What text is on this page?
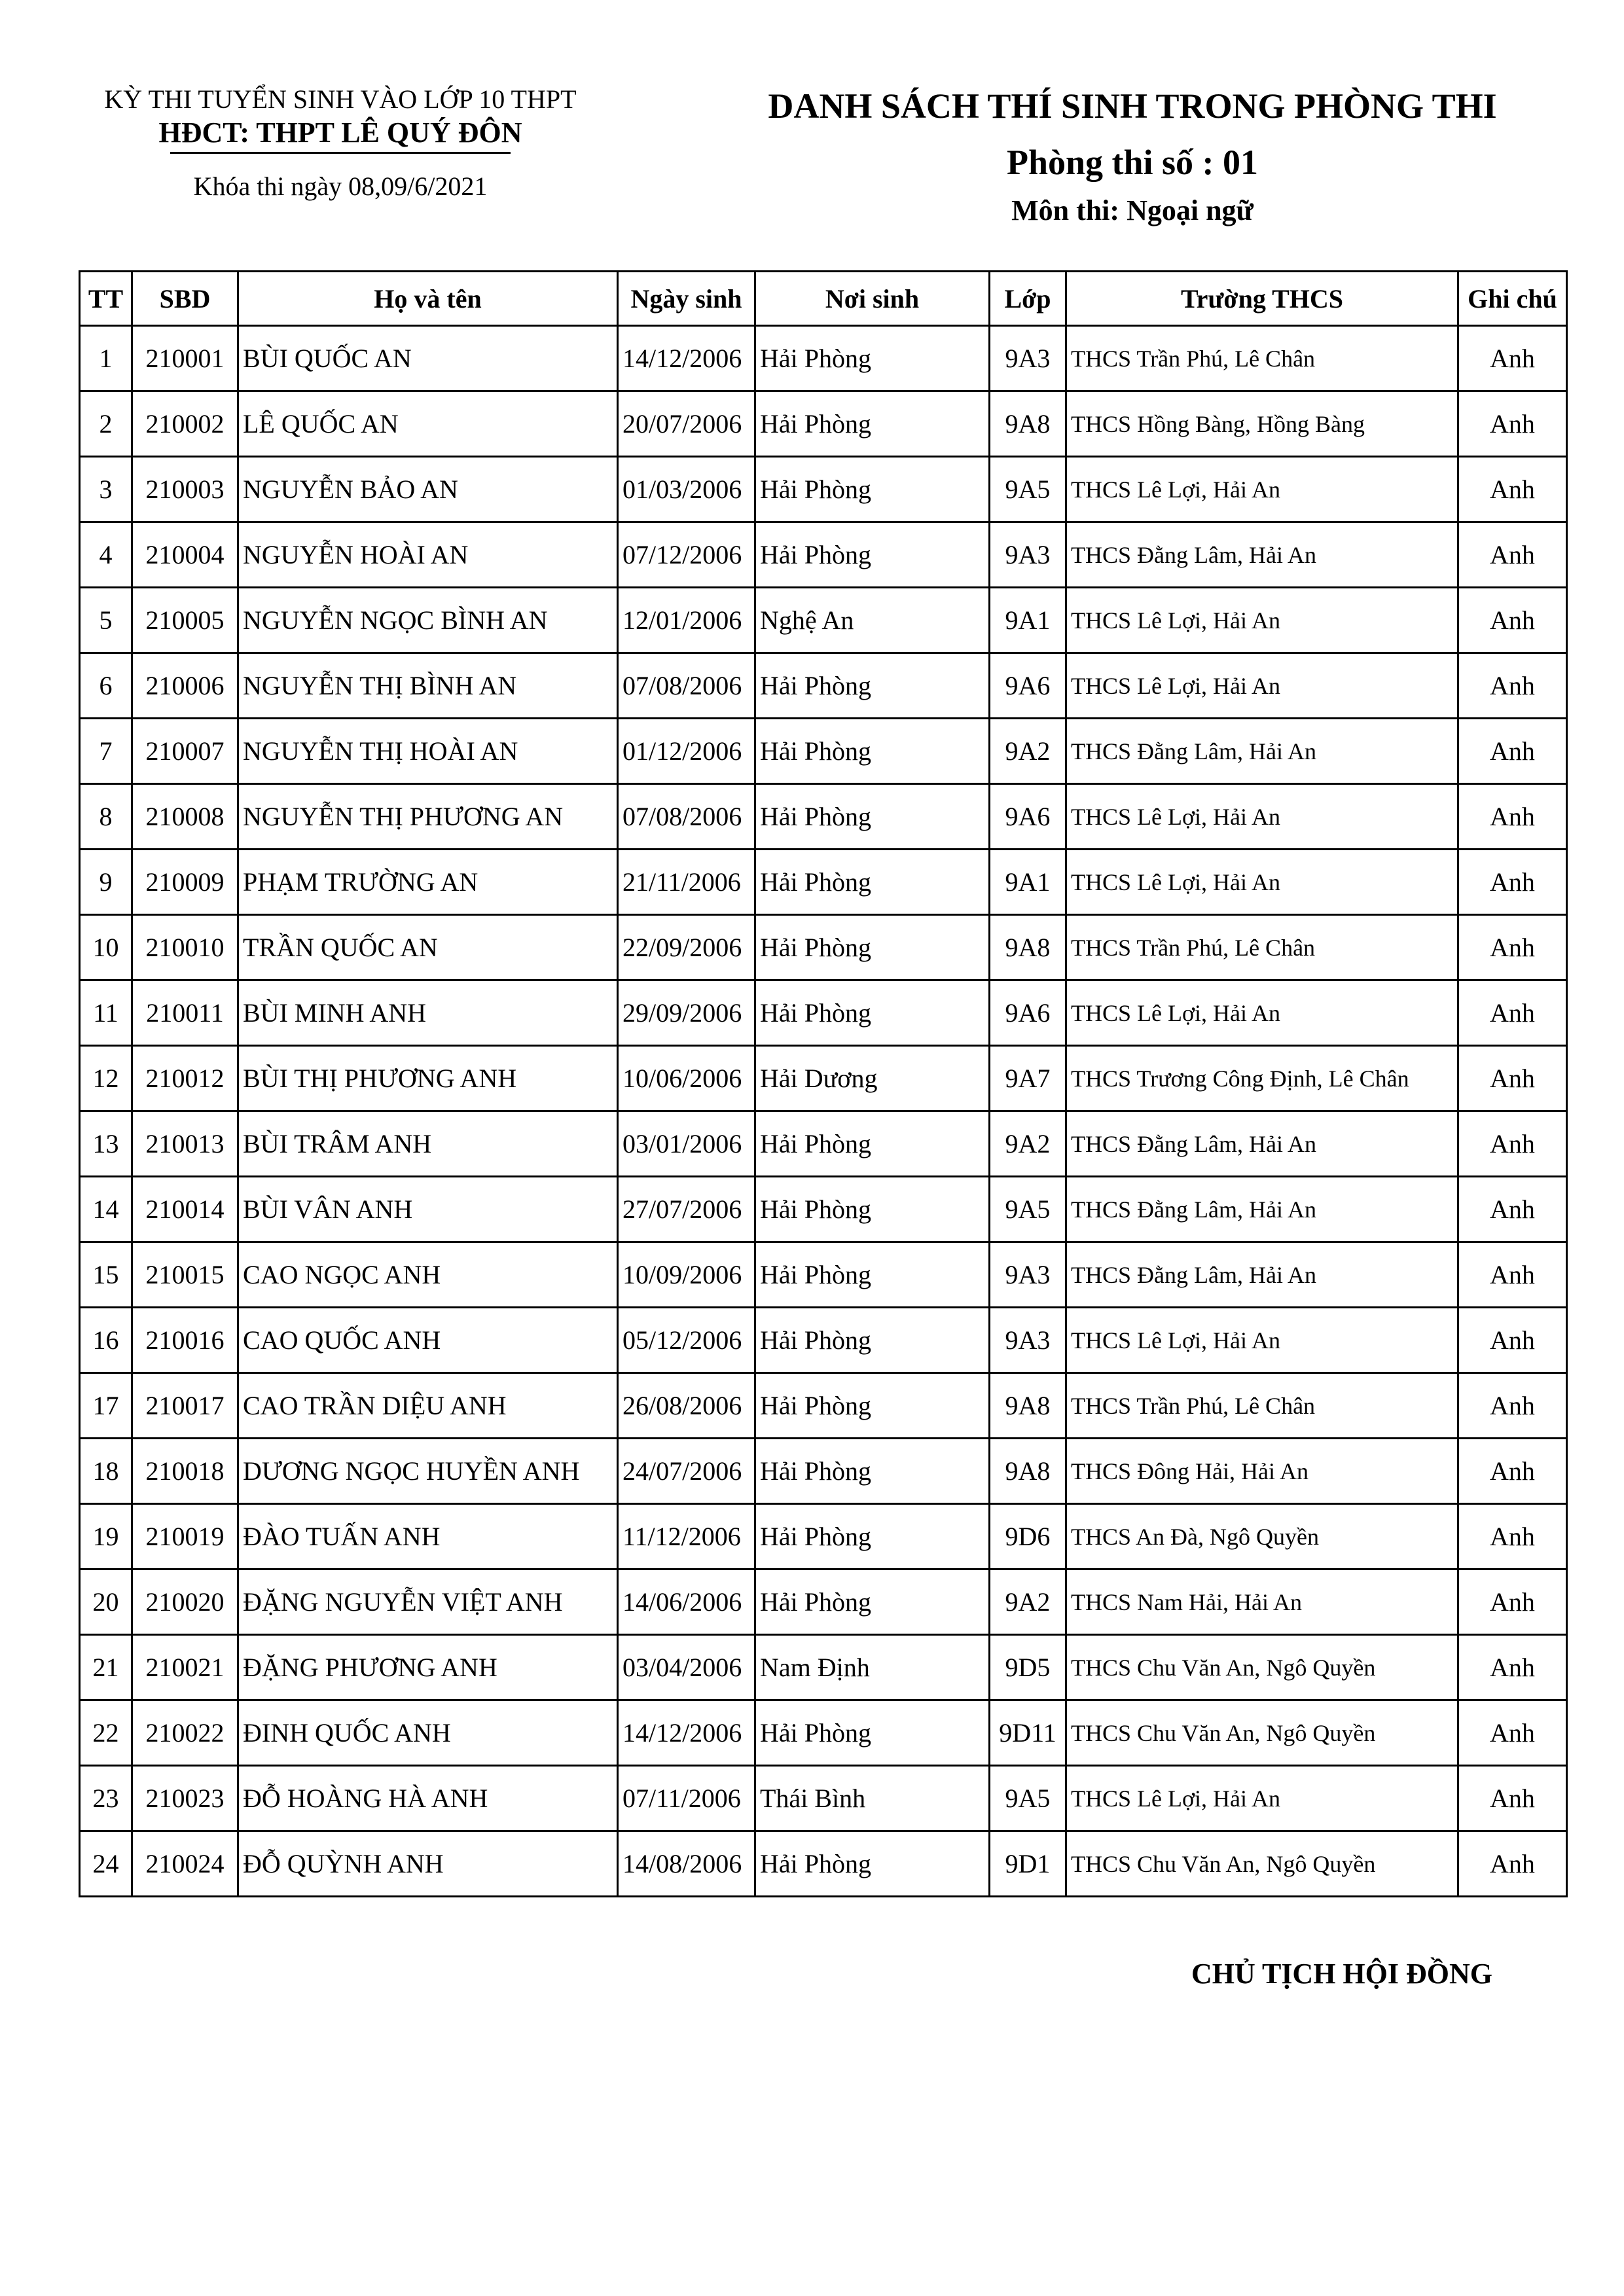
KỲ THI TUYỂN SINH VÀO LỚP 10 THPT
HĐCT: THPT LÊ QUÝ ĐÔN
Khóa thi ngày 08,09/6/2021
DANH SÁCH THÍ SINH TRONG PHÒNG THI
Phòng thi số : 01
Môn thi: Ngoại ngữ
TT	SBD	Họ và tên	Ngày sinh	Nơi sinh	Lớp	Trường THCS	Ghi chú
1	210001	BÙI QUỐC AN	14/12/2006	Hải Phòng	9A3	THCS Trần Phú, Lê Chân	Anh
2	210002	LÊ QUỐC AN	20/07/2006	Hải Phòng	9A8	THCS Hồng Bàng, Hồng Bàng	Anh
3	210003	NGUYỄN BẢO AN	01/03/2006	Hải Phòng	9A5	THCS Lê Lợi, Hải An	Anh
4	210004	NGUYỄN HOÀI AN	07/12/2006	Hải Phòng	9A3	THCS Đằng Lâm, Hải An	Anh
5	210005	NGUYỄN NGỌC BÌNH AN	12/01/2006	Nghệ An	9A1	THCS Lê Lợi, Hải An	Anh
6	210006	NGUYỄN THỊ BÌNH AN	07/08/2006	Hải Phòng	9A6	THCS Lê Lợi, Hải An	Anh
7	210007	NGUYỄN THỊ HOÀI AN	01/12/2006	Hải Phòng	9A2	THCS Đằng Lâm, Hải An	Anh
8	210008	NGUYỄN THỊ PHƯƠNG AN	07/08/2006	Hải Phòng	9A6	THCS Lê Lợi, Hải An	Anh
9	210009	PHẠM TRƯỜNG AN	21/11/2006	Hải Phòng	9A1	THCS Lê Lợi, Hải An	Anh
10	210010	TRẦN QUỐC AN	22/09/2006	Hải Phòng	9A8	THCS Trần Phú, Lê Chân	Anh
11	210011	BÙI MINH ANH	29/09/2006	Hải Phòng	9A6	THCS Lê Lợi, Hải An	Anh
12	210012	BÙI THỊ PHƯƠNG ANH	10/06/2006	Hải Dương	9A7	THCS Trương Công Định, Lê Chân	Anh
13	210013	BÙI TRÂM ANH	03/01/2006	Hải Phòng	9A2	THCS Đằng Lâm, Hải An	Anh
14	210014	BÙI VÂN ANH	27/07/2006	Hải Phòng	9A5	THCS Đằng Lâm, Hải An	Anh
15	210015	CAO NGỌC ANH	10/09/2006	Hải Phòng	9A3	THCS Đằng Lâm, Hải An	Anh
16	210016	CAO QUỐC ANH	05/12/2006	Hải Phòng	9A3	THCS Lê Lợi, Hải An	Anh
17	210017	CAO TRẦN DIỆU ANH	26/08/2006	Hải Phòng	9A8	THCS Trần Phú, Lê Chân	Anh
18	210018	DƯƠNG NGỌC HUYỀN ANH	24/07/2006	Hải Phòng	9A8	THCS Đông Hải, Hải An	Anh
19	210019	ĐÀO TUẤN ANH	11/12/2006	Hải Phòng	9D6	THCS An Đà, Ngô Quyền	Anh
20	210020	ĐẶNG NGUYỄN VIỆT ANH	14/06/2006	Hải Phòng	9A2	THCS Nam Hải, Hải An	Anh
21	210021	ĐẶNG PHƯƠNG ANH	03/04/2006	Nam Định	9D5	THCS Chu Văn An, Ngô Quyền	Anh
22	210022	ĐINH QUỐC ANH	14/12/2006	Hải Phòng	9D11	THCS Chu Văn An, Ngô Quyền	Anh
23	210023	ĐỖ HOÀNG HÀ ANH	07/11/2006	Thái Bình	9A5	THCS Lê Lợi, Hải An	Anh
24	210024	ĐỖ QUỲNH ANH	14/08/2006	Hải Phòng	9D1	THCS Chu Văn An, Ngô Quyền	Anh
CHỦ TỊCH HỘI ĐỒNG
